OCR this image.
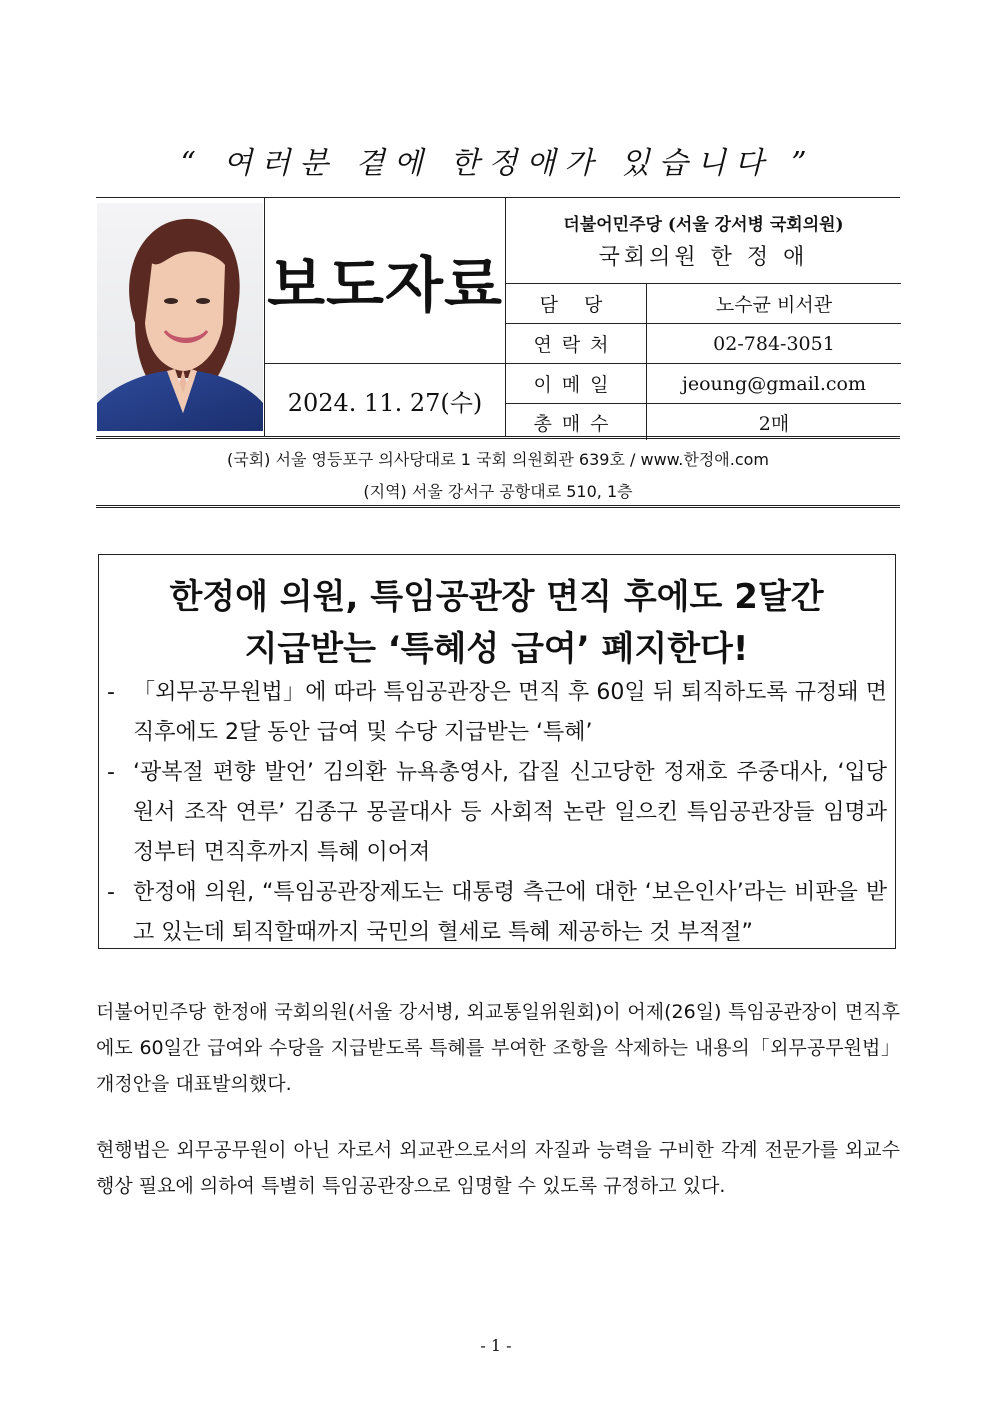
“ 여러분 곁에 한정애가 있습니다 ”
보도자료
2024. 11. 27(수)
더불어민주당 (서울 강서병 국회의원)
국회의원 한 정 애
담 당	노수균 비서관
연락처	02-784-3051
이메일	jeoung@gmail.com
총매수	2매
(국회) 서울 영등포구 의사당대로 1 국회 의원회관 639호 / www.한정애.com
(지역) 서울 강서구 공항대로 510, 1층
한정애 의원, 특임공관장 면직 후에도 2달간
지급받는 ‘특혜성 급여’ 폐지한다!
- 「외무공무원법」에 따라 특임공관장은 면직 후 60일 뒤 퇴직하도록 규정돼 면직후에도 2달 동안 급여 및 수당 지급받는 ‘특혜’
- ‘광복절 편향 발언’ 김의환 뉴욕총영사, 갑질 신고당한 정재호 주중대사, ‘입당원서 조작 연루’ 김종구 몽골대사 등 사회적 논란 일으킨 특임공관장들 임명과정부터 면직후까지 특혜 이어져
- 한정애 의원, “특임공관장제도는 대통령 측근에 대한 ‘보은인사’라는 비판을 받고 있는데 퇴직할때까지 국민의 혈세로 특혜 제공하는 것 부적절”
더불어민주당 한정애 국회의원(서울 강서병, 외교통일위원회)이 어제(26일) 특임공관장이 면직후에도 60일간 급여와 수당을 지급받도록 특혜를 부여한 조항을 삭제하는 내용의「외무공무원법」개정안을 대표발의했다.
현행법은 외무공무원이 아닌 자로서 외교관으로서의 자질과 능력을 구비한 각계 전문가를 외교수행상 필요에 의하여 특별히 특임공관장으로 임명할 수 있도록 규정하고 있다.
- 1 -
